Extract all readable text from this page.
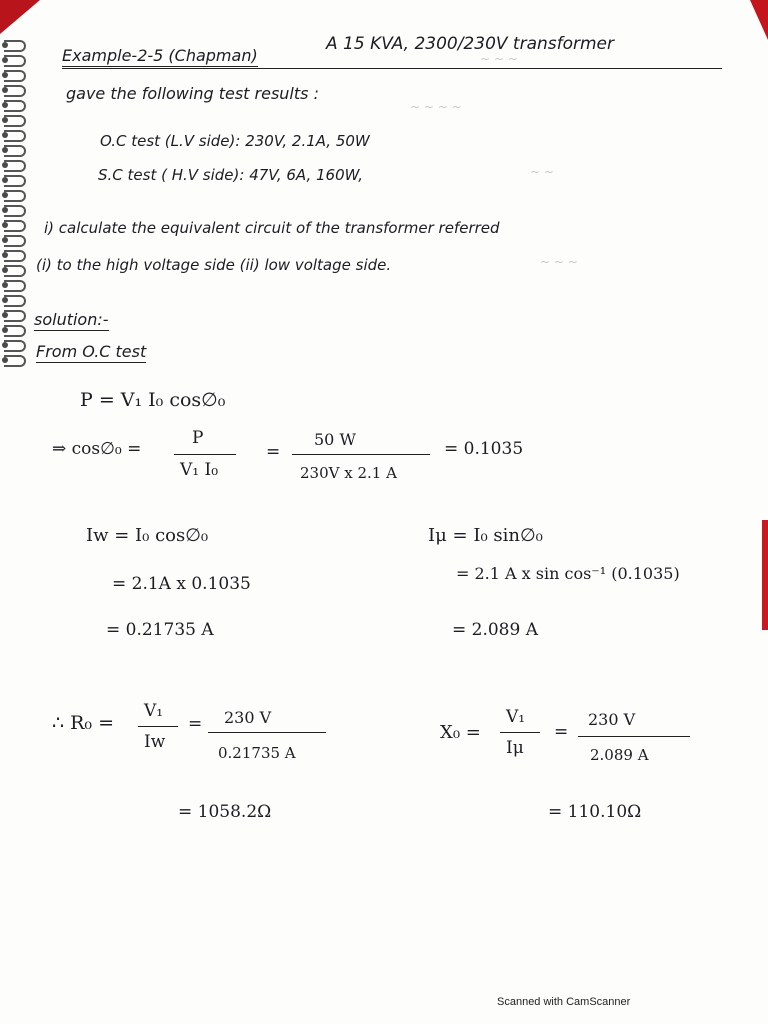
~ ~ ~
~ ~ ~ ~
~ ~
~ ~ ~
Example-2-5 (Chapman)
A 15 KVA, 2300/230V transformer
gave the following test results :
O.C test (L.V side): 230V, 2.1A, 50W
S.C test ( H.V side): 47V, 6A, 160W,
i) calculate the equivalent circuit of the transformer referred
(i) to the high voltage side (ii) low voltage side.
solution:-
From O.C test
P = V₁ I₀ cos∅₀
⇒ cos∅₀ =
P
V₁ I₀
=
50 W
230V x 2.1 A
= 0.1035
Iw = I₀ cos∅₀
= 2.1A x 0.1035
= 0.21735 A
Iμ = I₀ sin∅₀
= 2.1 A x sin cos⁻¹ (0.1035)
= 2.089 A
∴ R₀ =
V₁
Iw
= 230 V
0.21735 A
= 1058.2Ω
X₀ =
V₁
Iμ
=
230 V
2.089 A
= 110.10Ω
Scanned with CamScanner
